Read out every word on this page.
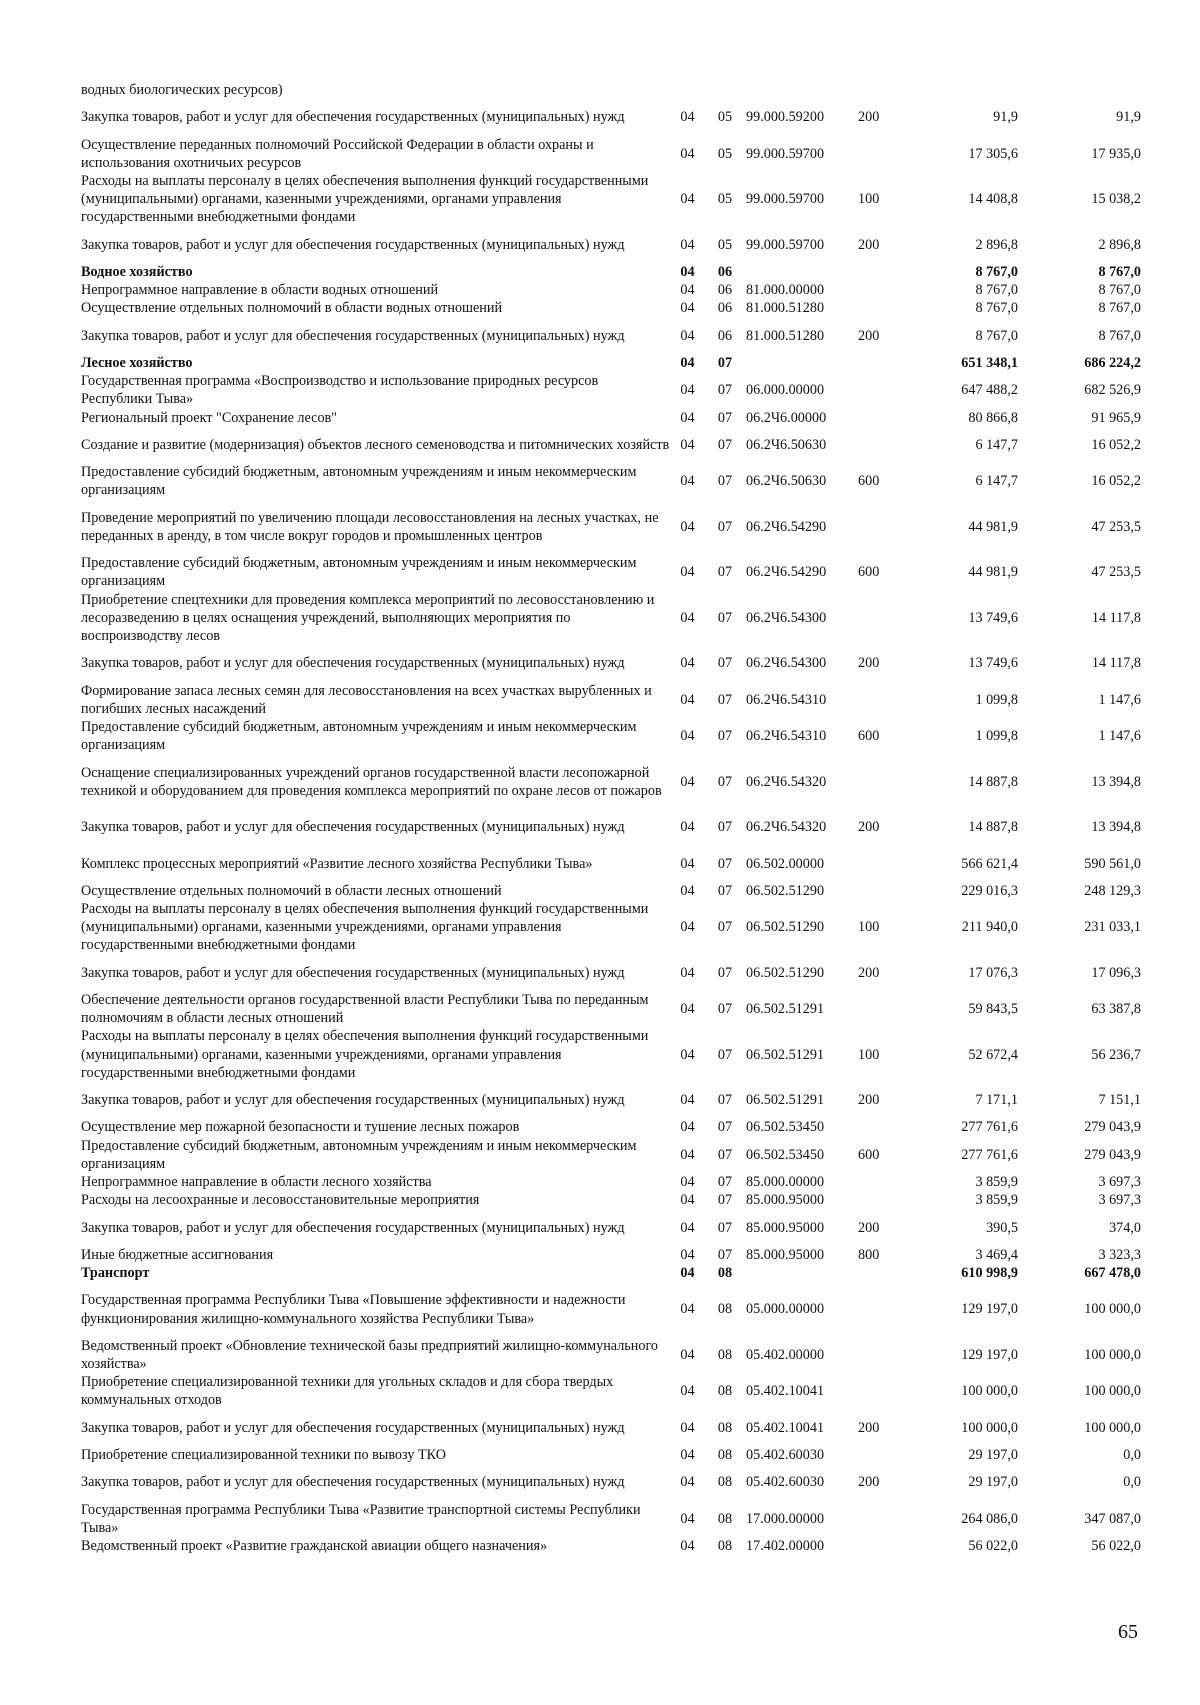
водных биологических ресурсов)						
Закупка товаров, работ и услуг для обеспечения государственных (муниципальных) нужд	04	05	99.000.59200	200	91,9	91,9
Осуществление переданных полномочий Российской Федерации в области охраны и использования охотничьих ресурсов	04	05	99.000.59700		17 305,6	17 935,0
Расходы на выплаты персоналу в целях обеспечения выполнения функций государственными (муниципальными) органами, казенными учреждениями, органами управления государственными внебюджетными фондами	04	05	99.000.59700	100	14 408,8	15 038,2
Закупка товаров, работ и услуг для обеспечения государственных (муниципальных) нужд	04	05	99.000.59700	200	2 896,8	2 896,8
Водное хозяйство	04	06			8 767,0	8 767,0
Непрограммное направление в области водных отношений	04	06	81.000.00000		8 767,0	8 767,0
Осуществление отдельных полномочий в области водных отношений	04	06	81.000.51280		8 767,0	8 767,0
Закупка товаров, работ и услуг для обеспечения государственных (муниципальных) нужд	04	06	81.000.51280	200	8 767,0	8 767,0
Лесное хозяйство	04	07			651 348,1	686 224,2
Государственная программа «Воспроизводство и использование природных ресурсов Республики Тыва»	04	07	06.000.00000		647 488,2	682 526,9
Региональный проект "Сохранение лесов"	04	07	06.2Ч6.00000		80 866,8	91 965,9
Создание и развитие (модернизация) объектов лесного семеноводства и питомнических хозяйств	04	07	06.2Ч6.50630		6 147,7	16 052,2
Предоставление субсидий бюджетным, автономным учреждениям и иным некоммерческим организациям	04	07	06.2Ч6.50630	600	6 147,7	16 052,2
Проведение мероприятий по увеличению площади лесовосстановления на лесных участках, не переданных в аренду, в том числе вокруг городов и промышленных центров	04	07	06.2Ч6.54290		44 981,9	47 253,5
Предоставление субсидий бюджетным, автономным учреждениям и иным некоммерческим организациям	04	07	06.2Ч6.54290	600	44 981,9	47 253,5
Приобретение спецтехники для проведения комплекса мероприятий по лесовосстановлению и лесоразведению в целях оснащения учреждений, выполняющих мероприятия по воспроизводству лесов	04	07	06.2Ч6.54300		13 749,6	14 117,8
Закупка товаров, работ и услуг для обеспечения государственных (муниципальных) нужд	04	07	06.2Ч6.54300	200	13 749,6	14 117,8
Формирование запаса лесных семян для лесовосстановления на всех участках вырубленных и погибших лесных насаждений	04	07	06.2Ч6.54310		1 099,8	1 147,6
Предоставление субсидий бюджетным, автономным учреждениям и иным некоммерческим организациям	04	07	06.2Ч6.54310	600	1 099,8	1 147,6
Оснащение специализированных учреждений органов государственной власти лесопожарной техникой и оборудованием для проведения комплекса мероприятий по охране лесов от пожаров	04	07	06.2Ч6.54320		14 887,8	13 394,8
Закупка товаров, работ и услуг для обеспечения государственных (муниципальных) нужд	04	07	06.2Ч6.54320	200	14 887,8	13 394,8
Комплекс процессных мероприятий «Развитие лесного хозяйства Республики Тыва»	04	07	06.502.00000		566 621,4	590 561,0
Осуществление отдельных полномочий в области лесных отношений	04	07	06.502.51290		229 016,3	248 129,3
Расходы на выплаты персоналу в целях обеспечения выполнения функций государственными (муниципальными) органами, казенными учреждениями, органами управления государственными внебюджетными фондами	04	07	06.502.51290	100	211 940,0	231 033,1
Закупка товаров, работ и услуг для обеспечения государственных (муниципальных) нужд	04	07	06.502.51290	200	17 076,3	17 096,3
Обеспечение деятельности органов государственной власти Республики Тыва по переданным полномочиям в области лесных отношений	04	07	06.502.51291		59 843,5	63 387,8
Расходы на выплаты персоналу в целях обеспечения выполнения функций государственными (муниципальными) органами, казенными учреждениями, органами управления государственными внебюджетными фондами	04	07	06.502.51291	100	52 672,4	56 236,7
Закупка товаров, работ и услуг для обеспечения государственных (муниципальных) нужд	04	07	06.502.51291	200	7 171,1	7 151,1
Осуществление мер пожарной безопасности и тушение лесных пожаров	04	07	06.502.53450		277 761,6	279 043,9
Предоставление субсидий бюджетным, автономным учреждениям и иным некоммерческим организациям	04	07	06.502.53450	600	277 761,6	279 043,9
Непрограммное направление в области лесного хозяйства	04	07	85.000.00000		3 859,9	3 697,3
Расходы на лесоохранные и лесовосстановительные мероприятия	04	07	85.000.95000		3 859,9	3 697,3
Закупка товаров, работ и услуг для обеспечения государственных (муниципальных) нужд	04	07	85.000.95000	200	390,5	374,0
Иные бюджетные ассигнования	04	07	85.000.95000	800	3 469,4	3 323,3
Транспорт	04	08			610 998,9	667 478,0
Государственная программа Республики Тыва «Повышение эффективности и надежности функционирования жилищно-коммунального хозяйства Республики Тыва»	04	08	05.000.00000		129 197,0	100 000,0
Ведомственный проект «Обновление технической базы предприятий жилищно-коммунального хозяйства»	04	08	05.402.00000		129 197,0	100 000,0
Приобретение специализированной техники для угольных складов и для сбора твердых коммунальных отходов	04	08	05.402.10041		100 000,0	100 000,0
Закупка товаров, работ и услуг для обеспечения государственных (муниципальных) нужд	04	08	05.402.10041	200	100 000,0	100 000,0
Приобретение специализированной техники по вывозу ТКО	04	08	05.402.60030		29 197,0	0,0
Закупка товаров, работ и услуг для обеспечения государственных (муниципальных) нужд	04	08	05.402.60030	200	29 197,0	0,0
Государственная программа Республики Тыва «Развитие транспортной системы Республики Тыва»	04	08	17.000.00000		264 086,0	347 087,0
Ведомственный проект «Развитие гражданской авиации общего назначения»	04	08	17.402.00000		56 022,0	56 022,0
65
